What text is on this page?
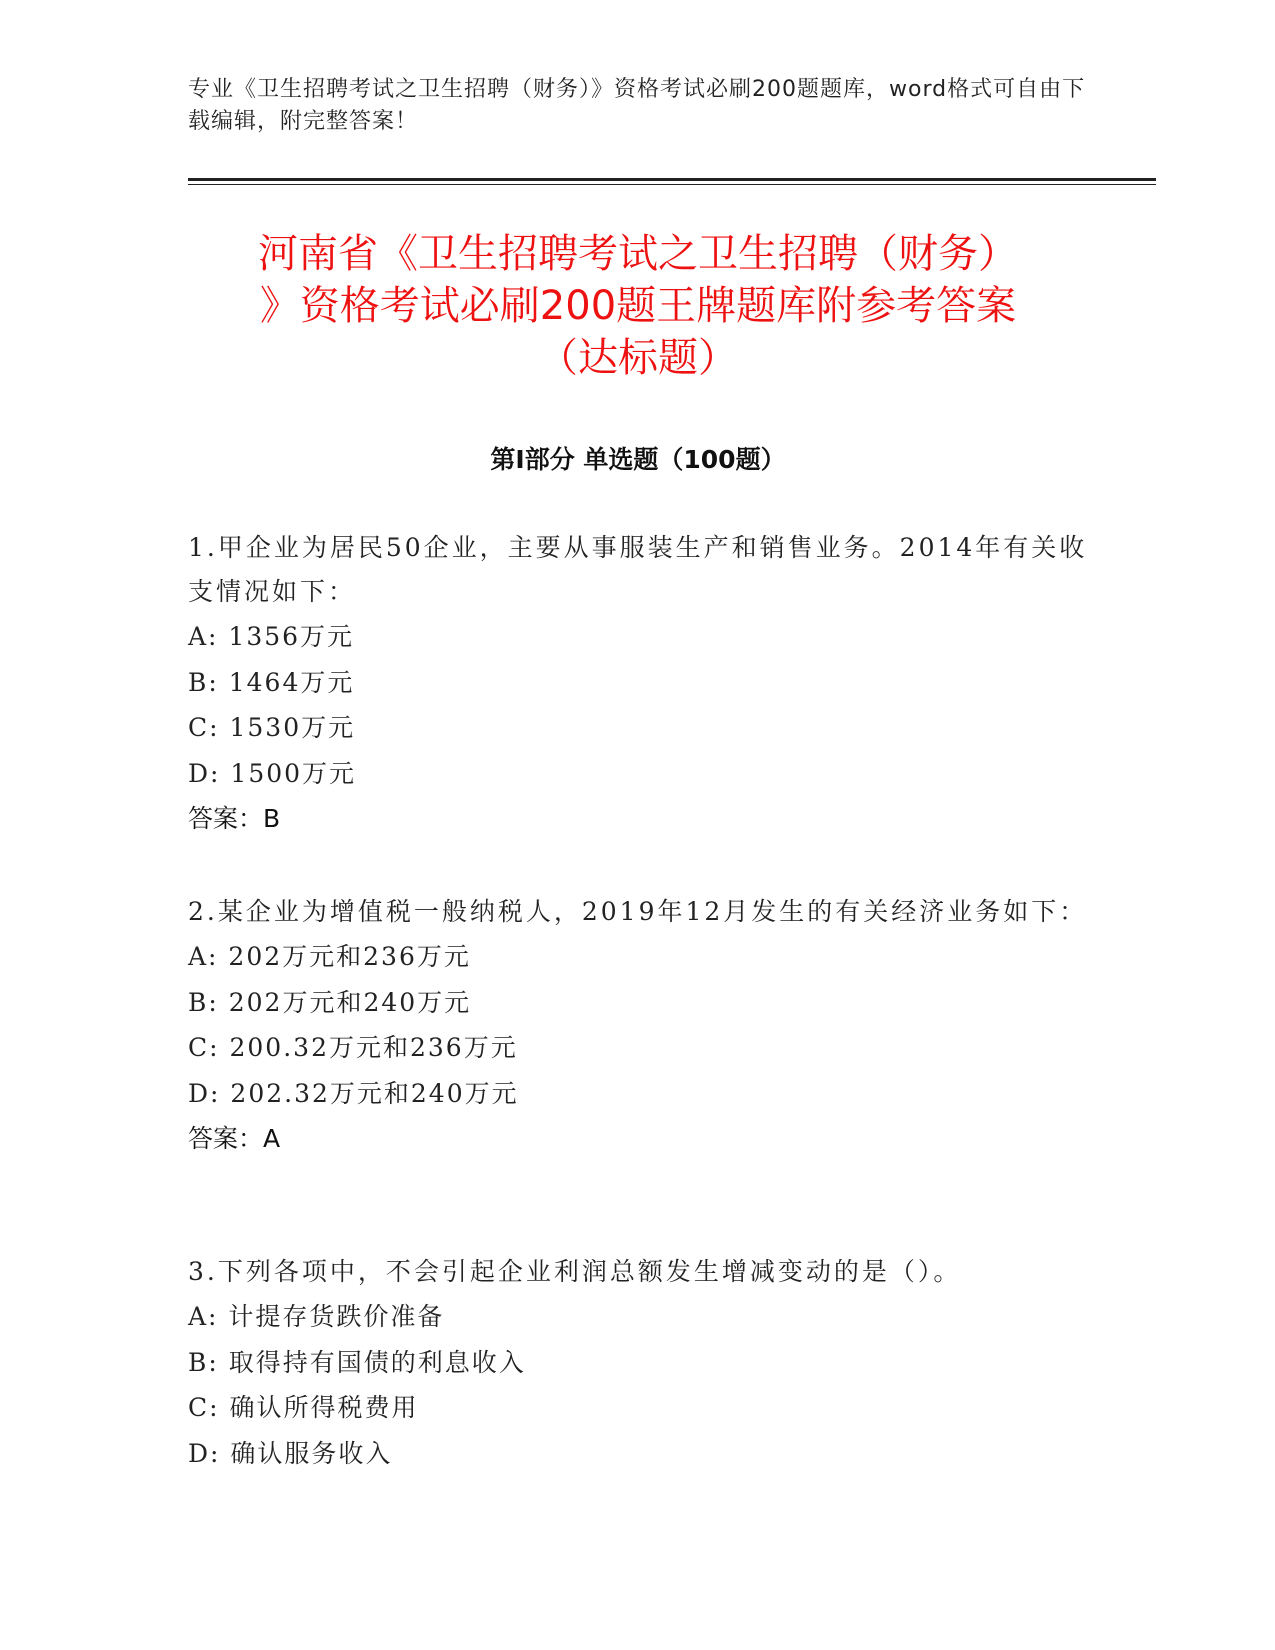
专业《卫生招聘考试之卫生招聘（财务）》资格考试必刷200题题库，word格式可自由下载编辑，附完整答案！
河南省《卫生招聘考试之卫生招聘（财务）
》资格考试必刷200题王牌题库附参考答案
（达标题）
第Ⅰ部分 单选题（100题）

1.甲企业为居民50企业，主要从事服装生产和销售业务。2014年有关收支情况如下：

A: 1356万元
B: 1464万元
C: 1530万元
D: 1500万元
答案：B

2.某企业为增值税一般纳税人，2019年12月发生的有关经济业务如下：

A: 202万元和236万元
B: 202万元和240万元
C: 200.32万元和236万元
D: 202.32万元和240万元
答案：A

3.下列各项中，不会引起企业利润总额发生增减变动的是（）。

A: 计提存货跌价准备
B: 取得持有国债的利息收入
C: 确认所得税费用
D: 确认服务收入
